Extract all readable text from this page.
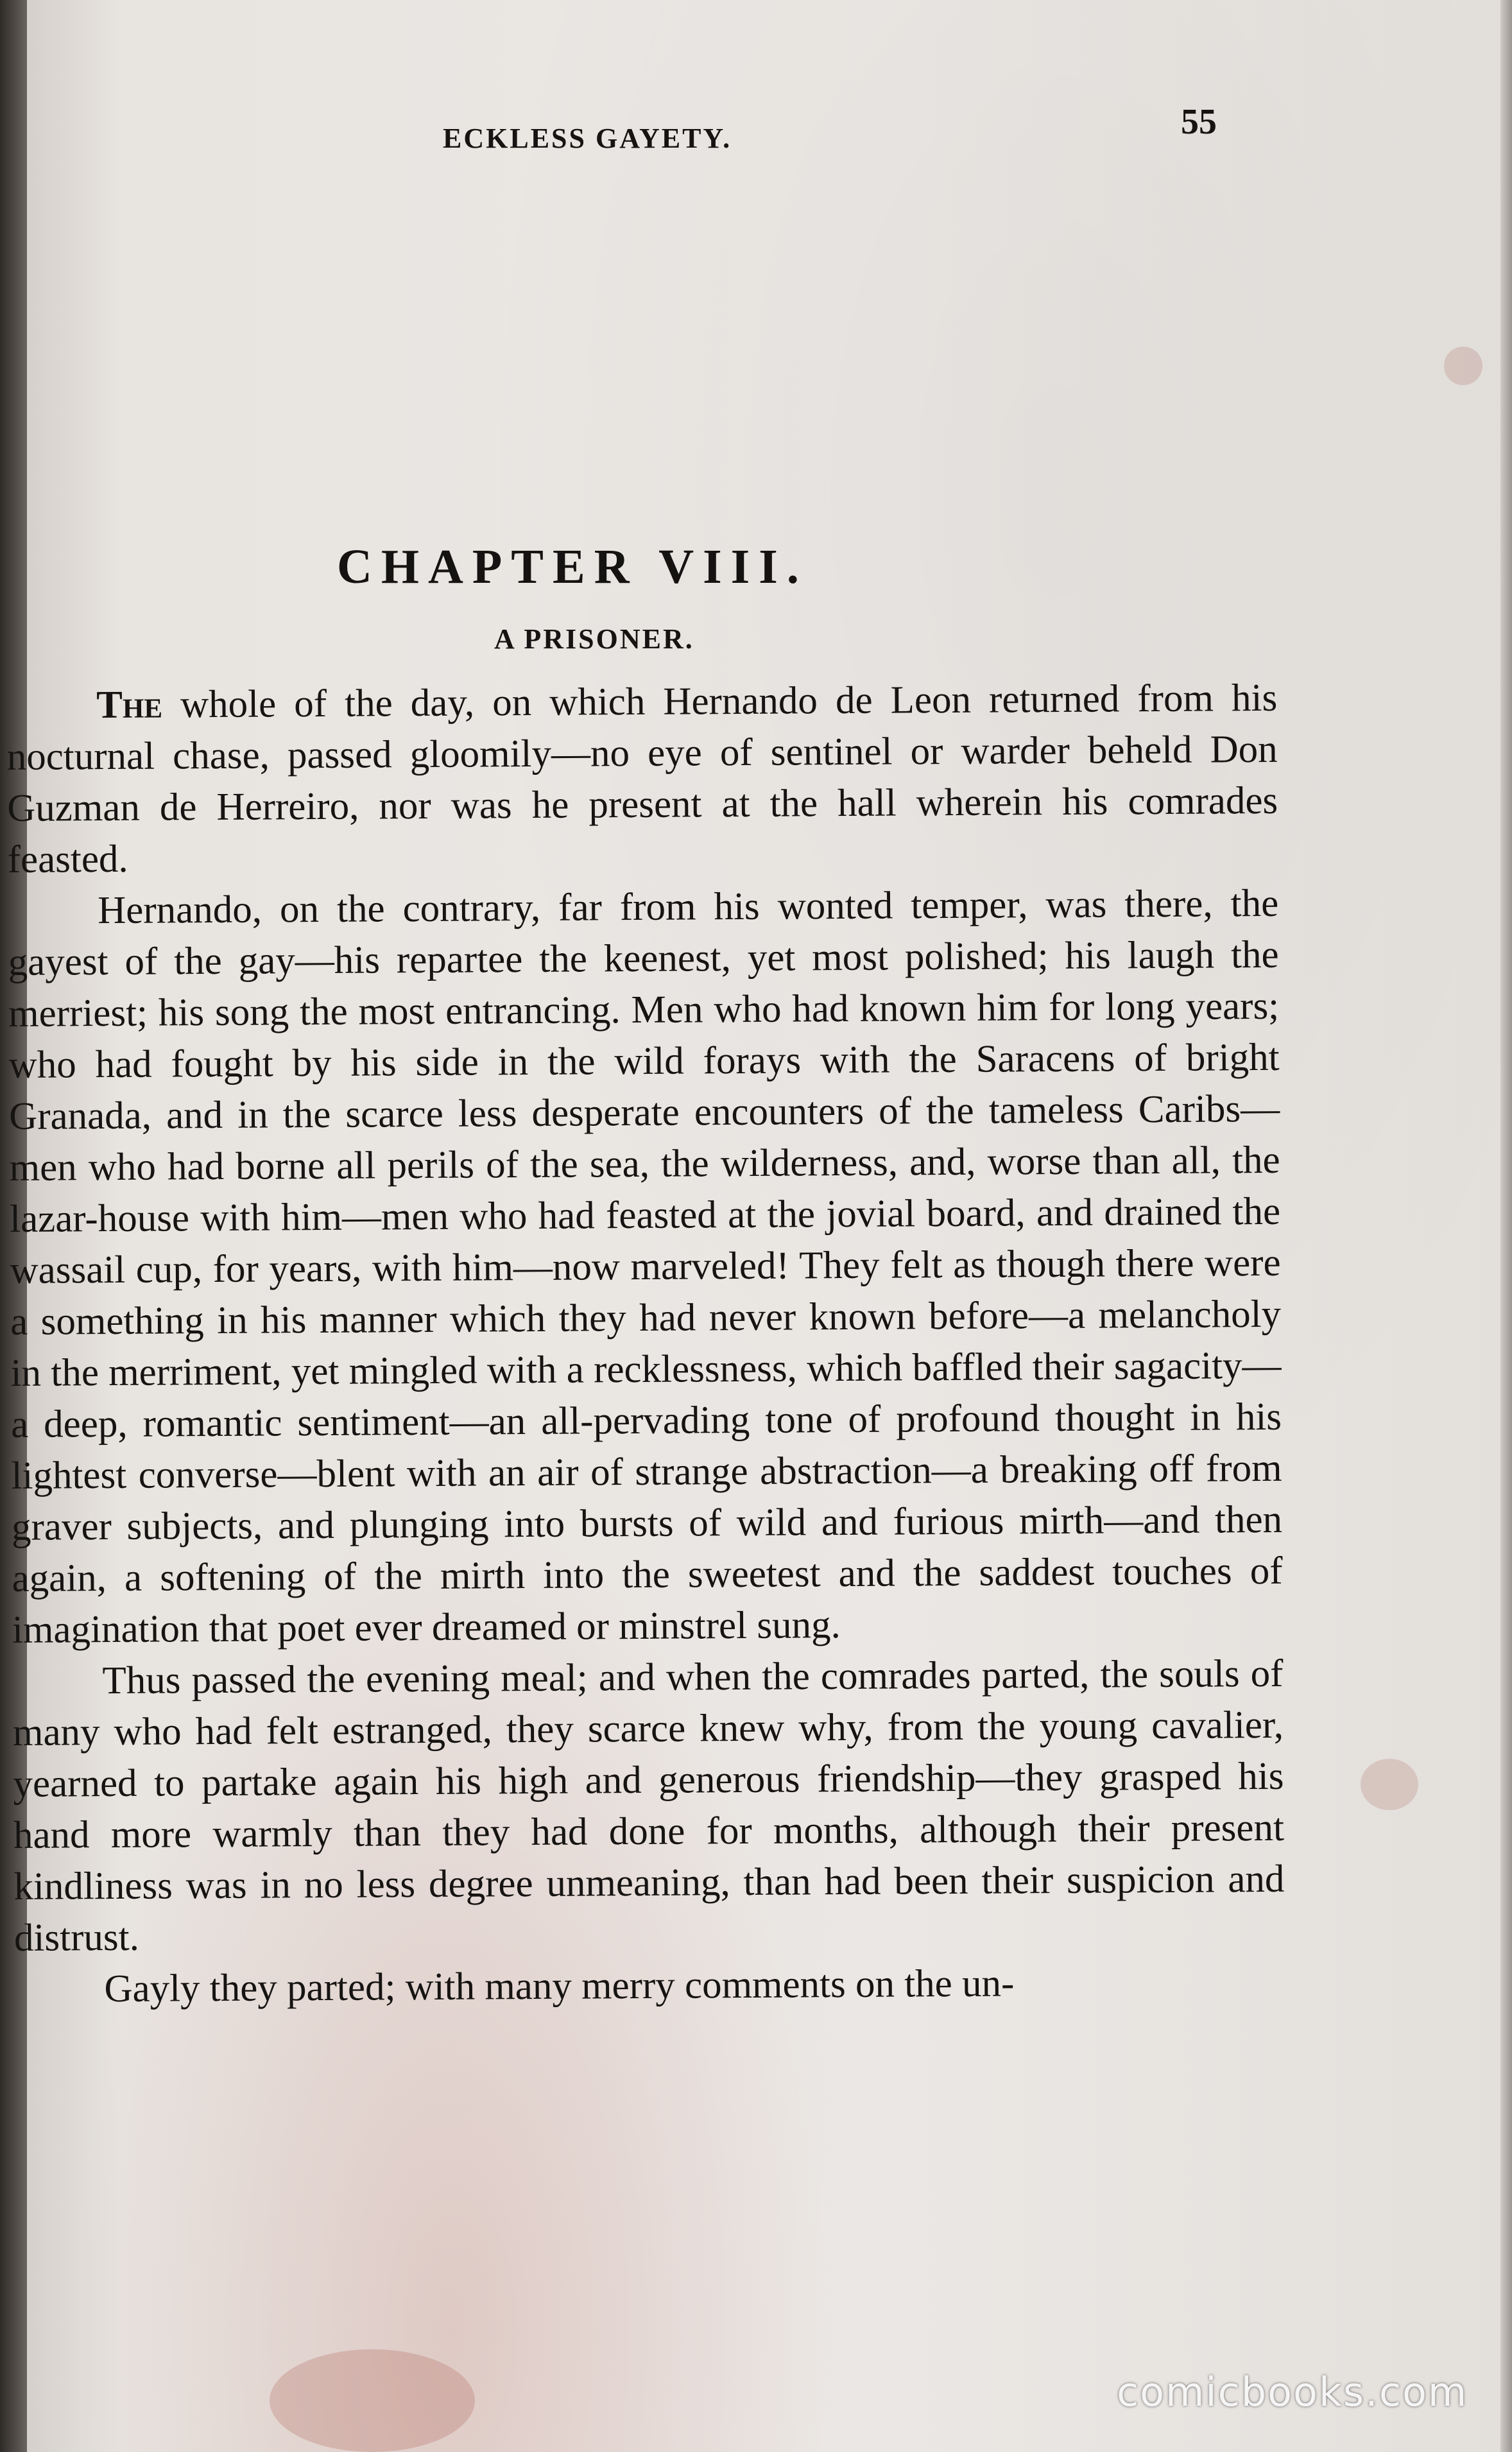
ECKLESS GAYETY.	55
CHAPTER VIII.
A PRISONER.

The whole of the day, on which Hernando de Leon returned from his nocturnal chase, passed gloomily—no eye of sentinel or warder beheld Don Guzman de Herreiro, nor was he present at the hall wherein his comrades feasted.

Hernando, on the contrary, far from his wonted temper, was there, the gayest of the gay—his repartee the keenest, yet most polished; his laugh the merriest; his song the most entrancing. Men who had known him for long years; who had fought by his side in the wild forays with the Saracens of bright Granada, and in the scarce less desperate encounters of the tameless Caribs—men who had borne all perils of the sea, the wilderness, and, worse than all, the lazar-house with him—men who had feasted at the jovial board, and drained the wassail cup, for years, with him—now marveled! They felt as though there were a something in his manner which they had never known before—a melancholy in the merriment, yet mingled with a recklessness, which baffled their sagacity—a deep, romantic sentiment—an all-pervading tone of profound thought in his lightest converse—blent with an air of strange abstraction—a breaking off from graver subjects, and plunging into bursts of wild and furious mirth—and then again, a softening of the mirth into the sweetest and the saddest touches of imagination that poet ever dreamed or minstrel sung.

Thus passed the evening meal; and when the comrades parted, the souls of many who had felt estranged, they scarce knew why, from the young cavalier, yearned to partake again his high and generous friendship—they grasped his hand more warmly than they had done for months, although their present kindliness was in no less degree unmeaning, than had been their suspicion and distrust.

Gayly they parted; with many merry comments on the un-

comicbooks.com
